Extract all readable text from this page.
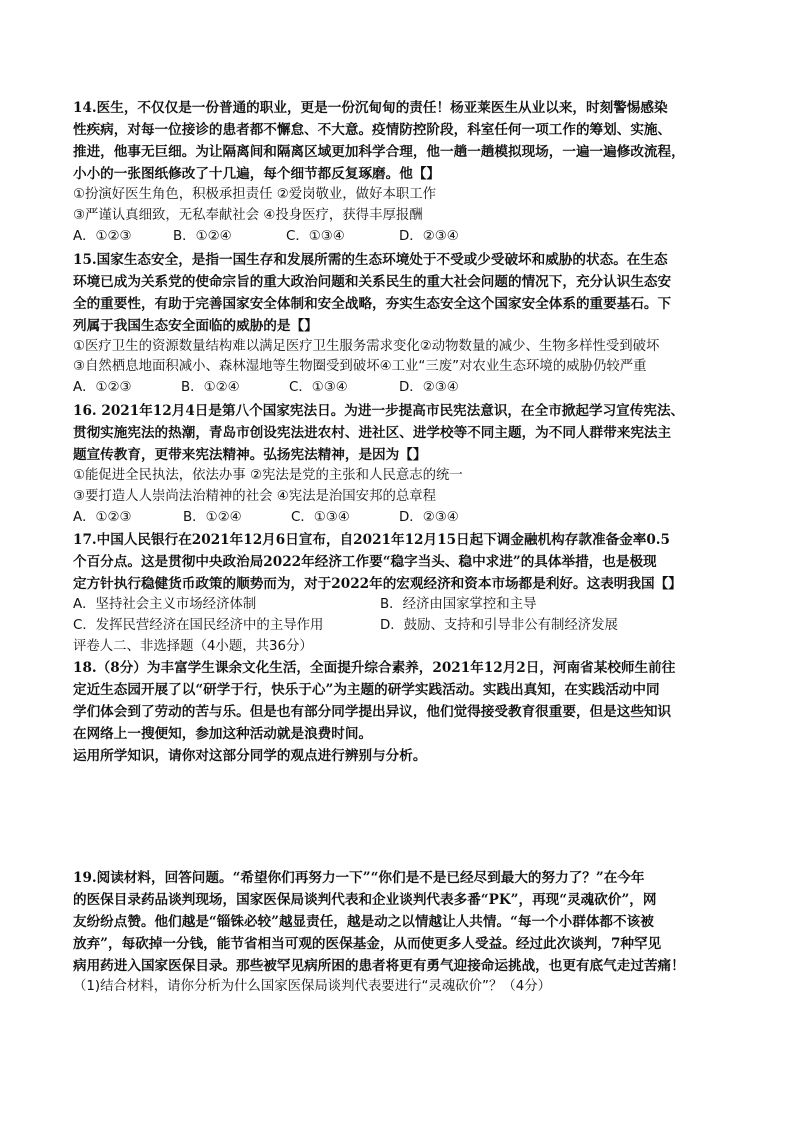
14.医生，不仅仅是一份普通的职业，更是一份沉甸甸的责任！杨亚莱医生从业以来，时刻警惕感染
性疾病，对每一位接诊的患者都不懈怠、不大意。疫情防控阶段，科室任何一项工作的筹划、实施、
推进，他事无巨细。为让隔离间和隔离区域更加科学合理，他一趟一趟模拟现场，一遍一遍修改流程，
小小的一张图纸修改了十几遍，每个细节都反复琢磨。他【】
①扮演好医生角色，积极承担责任 ②爱岗敬业，做好本职工作
③严谨认真细致，无私奉献社会 ④投身医疗，获得丰厚报酬
A．①②③	B．①②④	C．①③④	D．②③④
15.国家生态安全，是指一国生存和发展所需的生态环境处于不受或少受破坏和威胁的状态。在生态
环境已成为关系党的使命宗旨的重大政治问题和关系民生的重大社会问题的情况下，充分认识生态安
全的重要性，有助于完善国家安全体制和安全战略，夯实生态安全这个国家安全体系的重要基石。下
列属于我国生态安全面临的威胁的是【】
①医疗卫生的资源数量结构难以满足医疗卫生服务需求变化②动物数量的减少、生物多样性受到破坏
③自然栖息地面积减小、森林湿地等生物圈受到破坏④工业“三废”对农业生态环境的威胁仍较严重
A．①②③	B．①②④	C．①③④	D．②③④
16. 2021年12月4日是第八个国家宪法日。为进一步提高市民宪法意识，在全市掀起学习宣传宪法、
贯彻实施宪法的热潮，青岛市创设宪法进农村、进社区、进学校等不同主题，为不同人群带来宪法主
题宣传教育，更带来宪法精神。弘扬宪法精神，是因为【】
①能促进全民执法，依法办事 ②宪法是党的主张和人民意志的统一
③要打造人人崇尚法治精神的社会 ④宪法是治国安邦的总章程
A．①②③	B．①②④	C．①③④	D．②③④
17.中国人民银行在2021年12月6日宣布，自2021年12月15日起下调金融机构存款准备金率0.5
个百分点。这是贯彻中央政治局2022年经济工作要“稳字当头、稳中求进”的具体举措，也是极现
定方针执行稳健货币政策的顺势而为，对于2022年的宏观经济和资本市场都是利好。这表明我国【】
A．坚持社会主义市场经济体制	B．经济由国家掌控和主导
C．发挥民营经济在国民经济中的主导作用	D．鼓励、支持和引导非公有制经济发展
评卷人二、非选择题（4小题，共36分）
18.（8分）为丰富学生课余文化生活，全面提升综合素养，2021年12月2日，河南省某校师生前往
定近生态园开展了以“研学于行，快乐于心”为主题的研学实践活动。实践出真知，在实践活动中同
学们体会到了劳动的苦与乐。但是也有部分同学提出异议，他们觉得接受教育很重要，但是这些知识
在网络上一搜便知，参加这种活动就是浪费时间。
运用所学知识，请你对这部分同学的观点进行辨别与分析。
19.阅读材料，回答问题。“希望你们再努力一下”“你们是不是已经尽到最大的努力了？”在今年
的医保目录药品谈判现场，国家医保局谈判代表和企业谈判代表多番“PK”，再现“灵魂砍价”，网
友纷纷点赞。他们越是“锱铢必较”越显责任，越是动之以情越让人共情。“每一个小群体都不该被
放弃”，每砍掉一分钱，能节省相当可观的医保基金，从而使更多人受益。经过此次谈判，7种罕见
病用药进入国家医保目录。那些被罕见病所困的患者将更有勇气迎接命运挑战，也更有底气走过苦痛！
（1)结合材料，请你分析为什么国家医保局谈判代表要进行“灵魂砍价”？（4分）
